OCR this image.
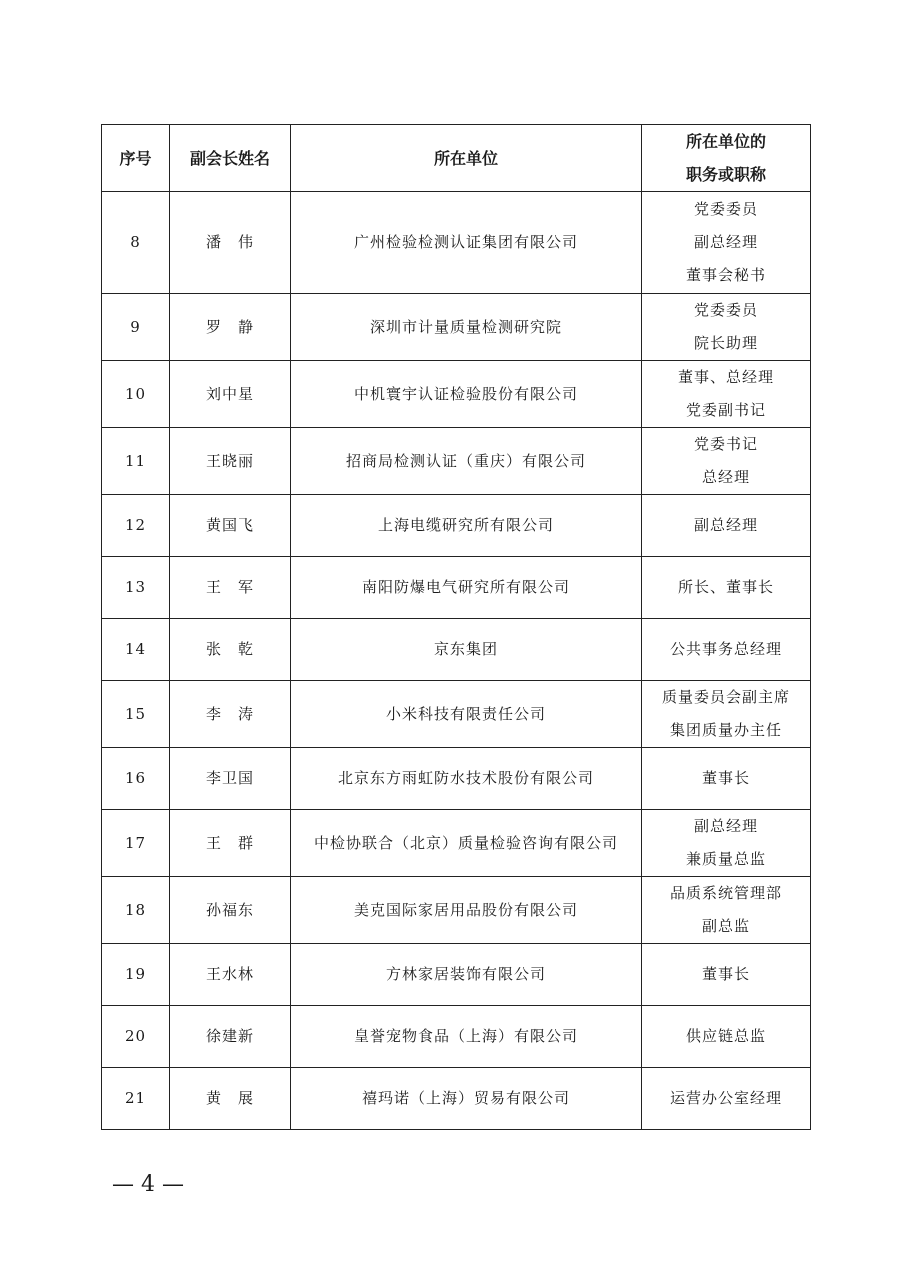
序号	副会长姓名	所在单位	所在单位的
职务或职称

8	潘　伟	广州检验检测认证集团有限公司	党委委员
副总经理
董事会秘书

9	罗　静	深圳市计量质量检测研究院	党委委员
院长助理

10	刘中星	中机寰宇认证检验股份有限公司	董事、总经理
党委副书记

11	王晓丽	招商局检测认证（重庆）有限公司	党委书记
总经理

12	黄国飞	上海电缆研究所有限公司	副总经理

13	王　军	南阳防爆电气研究所有限公司	所长、董事长

14	张　乾	京东集团	公共事务总经理

15	李　涛	小米科技有限责任公司	质量委员会副主席
集团质量办主任

16	李卫国	北京东方雨虹防水技术股份有限公司	董事长

17	王　群	中检协联合（北京）质量检验咨询有限公司	副总经理
兼质量总监

18	孙福东	美克国际家居用品股份有限公司	品质系统管理部
副总监

19	王水林	方林家居装饰有限公司	董事长

20	徐建新	皇誉宠物食品（上海）有限公司	供应链总监

21	黄　展	禧玛诺（上海）贸易有限公司	运营办公室经理
— 4 —
